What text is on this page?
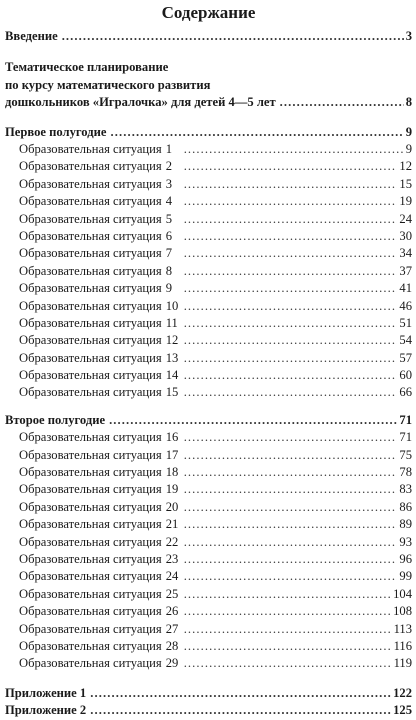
Содержание
Введение .....	3
Тематическое планирование
по курсу математического развития
дошкольников «Игралочка» для детей 4—5 лет .....	8
Первое полугодие .....	9
Образовательная ситуация 1 .....	9
Образовательная ситуация 2 .....	12
Образовательная ситуация 3 .....	15
Образовательная ситуация 4 .....	19
Образовательная ситуация 5 .....	24
Образовательная ситуация 6 .....	30
Образовательная ситуация 7 .....	34
Образовательная ситуация 8 .....	37
Образовательная ситуация 9 .....	41
Образовательная ситуация 10 .....	46
Образовательная ситуация 11 .....	51
Образовательная ситуация 12 .....	54
Образовательная ситуация 13 .....	57
Образовательная ситуация 14 .....	60
Образовательная ситуация 15 .....	66
Второе полугодие .....	71
Образовательная ситуация 16 .....	71
Образовательная ситуация 17 .....	75
Образовательная ситуация 18 .....	78
Образовательная ситуация 19 .....	83
Образовательная ситуация 20 .....	86
Образовательная ситуация 21 .....	89
Образовательная ситуация 22 .....	93
Образовательная ситуация 23 .....	96
Образовательная ситуация 24 .....	99
Образовательная ситуация 25 .....	104
Образовательная ситуация 26 .....	108
Образовательная ситуация 27 .....	113
Образовательная ситуация 28 .....	116
Образовательная ситуация 29 .....	119
Приложение 1 .....	122
Приложение 2 .....	125
